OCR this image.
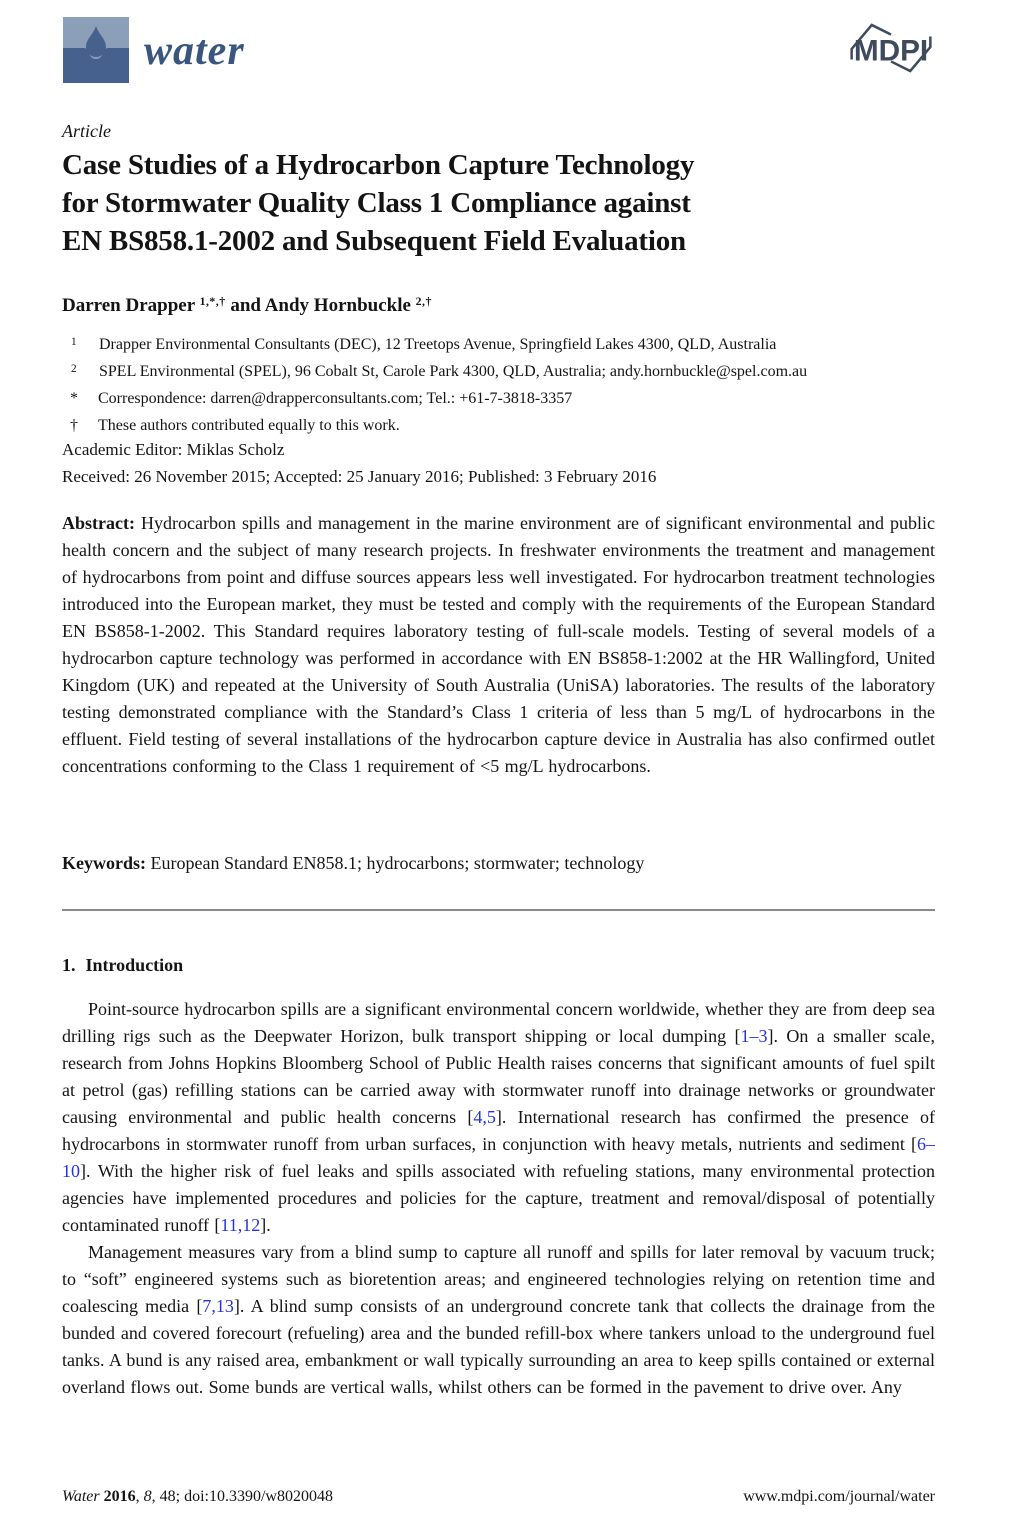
water	MDPI
Article
Case Studies of a Hydrocarbon Capture Technology
for Stormwater Quality Class 1 Compliance against
EN BS858.1-2002 and Subsequent Field Evaluation
Darren Drapper $^{1,*,\dagger}$ and Andy Hornbuckle $^{2,\dagger}$
1	Drapper Environmental Consultants (DEC), 12 Treetops Avenue, Springfield Lakes 4300, QLD, Australia
2	SPEL Environmental (SPEL), 96 Cobalt St, Carole Park 4300, QLD, Australia; andy.hornbuckle@spel.com.au
*	Correspondence: darren@drapperconsultants.com; Tel.: +61-7-3818-3357
†	These authors contributed equally to this work.
Academic Editor: Miklas Scholz
Received: 26 November 2015; Accepted: 25 January 2016; Published: 3 February 2016
Abstract: Hydrocarbon spills and management in the marine environment are of significant environmental and public health concern and the subject of many research projects. In freshwater environments the treatment and management of hydrocarbons from point and diffuse sources appears less well investigated. For hydrocarbon treatment technologies introduced into the European market, they must be tested and comply with the requirements of the European Standard EN BS858-1-2002. This Standard requires laboratory testing of full-scale models. Testing of several models of a hydrocarbon capture technology was performed in accordance with EN BS858-1:2002 at the HR Wallingford, United Kingdom (UK) and repeated at the University of South Australia (UniSA) laboratories. The results of the laboratory testing demonstrated compliance with the Standard’s Class 1 criteria of less than 5 mg/L of hydrocarbons in the effluent. Field testing of several installations of the hydrocarbon capture device in Australia has also confirmed outlet concentrations conforming to the Class 1 requirement of <5 mg/L hydrocarbons.
Keywords: European Standard EN858.1; hydrocarbons; stormwater; technology
1. Introduction

Point-source hydrocarbon spills are a significant environmental concern worldwide, whether they are from deep sea drilling rigs such as the Deepwater Horizon, bulk transport shipping or local dumping [1–3]. On a smaller scale, research from Johns Hopkins Bloomberg School of Public Health raises concerns that significant amounts of fuel spilt at petrol (gas) refilling stations can be carried away with stormwater runoff into drainage networks or groundwater causing environmental and public health concerns [4,5]. International research has confirmed the presence of hydrocarbons in stormwater runoff from urban surfaces, in conjunction with heavy metals, nutrients and sediment [6–10]. With the higher risk of fuel leaks and spills associated with refueling stations, many environmental protection agencies have implemented procedures and policies for the capture, treatment and removal/disposal of potentially contaminated runoff [11,12].

Management measures vary from a blind sump to capture all runoff and spills for later removal by vacuum truck; to “soft” engineered systems such as bioretention areas; and engineered technologies relying on retention time and coalescing media [7,13]. A blind sump consists of an underground concrete tank that collects the drainage from the bunded and covered forecourt (refueling) area and the bunded refill-box where tankers unload to the underground fuel tanks. A bund is any raised area, embankment or wall typically surrounding an area to keep spills contained or external overland flows out. Some bunds are vertical walls, whilst others can be formed in the pavement to drive over. Any

Water 2016, 8, 48; doi:10.3390/w8020048	www.mdpi.com/journal/water
